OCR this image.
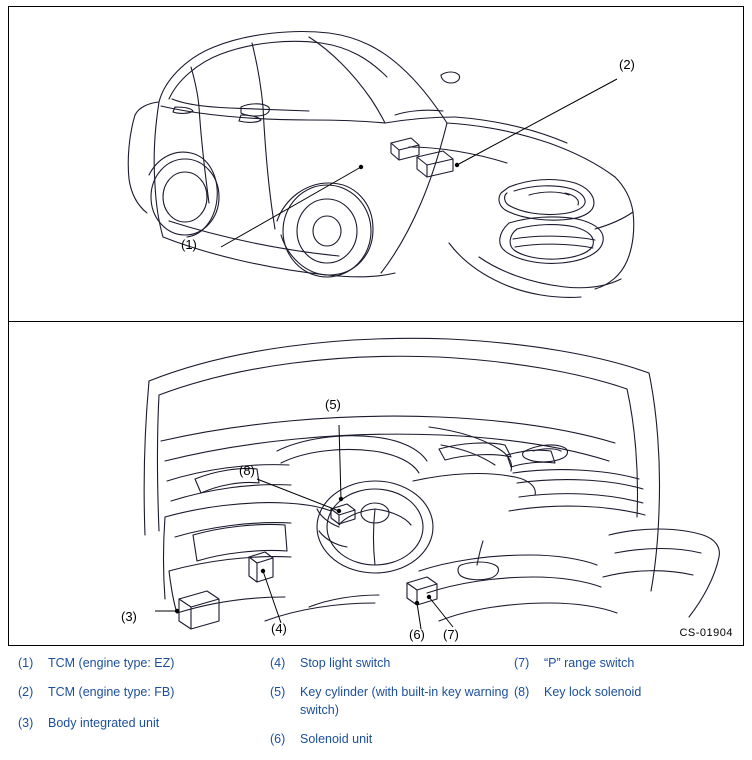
(1)
(2)
(5)
(8)
(3)
(4)	(6) (7)	CS-01904
(1)	TCM (engine type: EZ)
(2)	TCM (engine type: FB)
(3)	Body integrated unit
(4)	Stop light switch
(5)	Key cylinder (with built-in key warning switch)
(6)	Solenoid unit
(7)	“P” range switch
(8)	Key lock solenoid
